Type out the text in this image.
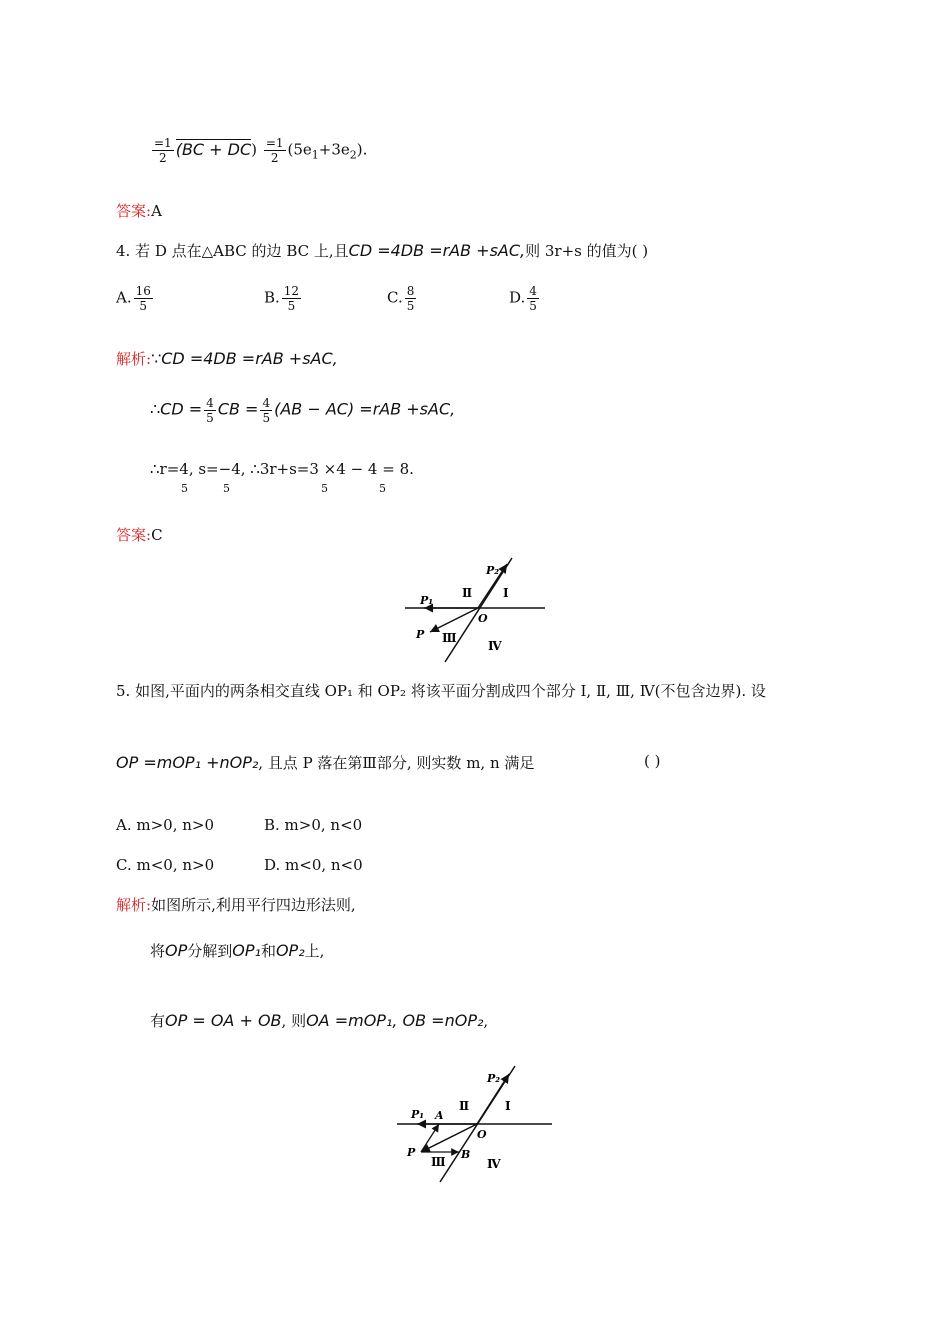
$\frac{=1}{2} (BC + DC) \frac{=1}{2} (5e_1+3e_2)$.
答案:A
4. 若 D 点在△ABC 的边 BC 上,且CD =4DB =rAB +sAC,则 3r+s 的值为( )
A. $\frac{16}{5}$	B. $\frac{12}{5}$	C. $\frac{8}{5}$	D. $\frac{4}{5}$
解析:∵CD =4DB =rAB +sAC,
∴CD = $\frac{4}{5}$ CB = $\frac{4}{5} (AB - AC) =rAB +sAC$,
∴r=4, s=−4, ∴3r+s=3 ×4 − 4 = 8.
5	5	5	5
答案:C
P₂
P₁
P
O
Ⅰ
Ⅱ
Ⅲ
Ⅳ
5. 如图,平面内的两条相交直线 OP₁ 和 OP₂ 将该平面分割成四个部分 Ⅰ, Ⅱ, Ⅲ, Ⅳ(不包含边界). 设
OP =mOP₁ +nOP₂, 且点 P 落在第Ⅲ部分, 则实数 m, n 满足	( )
A. m>0, n>0	B. m>0, n<0
C. m<0, n>0	D. m<0, n<0
解析:如图所示,利用平行四边形法则,
将OP分解到OP₁和OP₂上,
有OP = OA + OB, 则OA =mOP₁, OB =nOP₂,
P₂
P₁ A
P	B
O
Ⅰ
Ⅱ
Ⅲ	Ⅳ
